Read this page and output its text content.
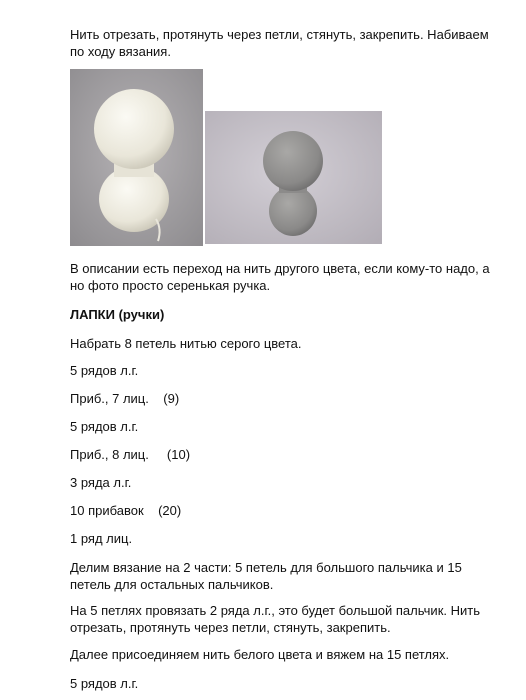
Нить отрезать, протянуть через петли, стянуть, закрепить. Набиваем по ходу вязания.

В описании есть переход на нить другого цвета, если кому-то надо, а но фото просто серенькая ручка.

ЛАПКИ (ручки)

Набрать 8 петель нитью серого цвета.

5 рядов л.г.

Приб., 7 лиц.    (9)

5 рядов л.г.

Приб., 8 лиц.     (10)

3 ряда л.г.

10 прибавок    (20)

1 ряд лиц.

Делим вязание на 2 части: 5 петель для большого пальчика и 15 петель для остальных пальчиков.

На 5 петлях провязать 2 ряда л.г., это будет большой пальчик. Нить отрезать, протянуть через петли, стянуть, закрепить.

Далее присоединяем нить белого цвета и вяжем на 15 петлях.

5 рядов л.г.
